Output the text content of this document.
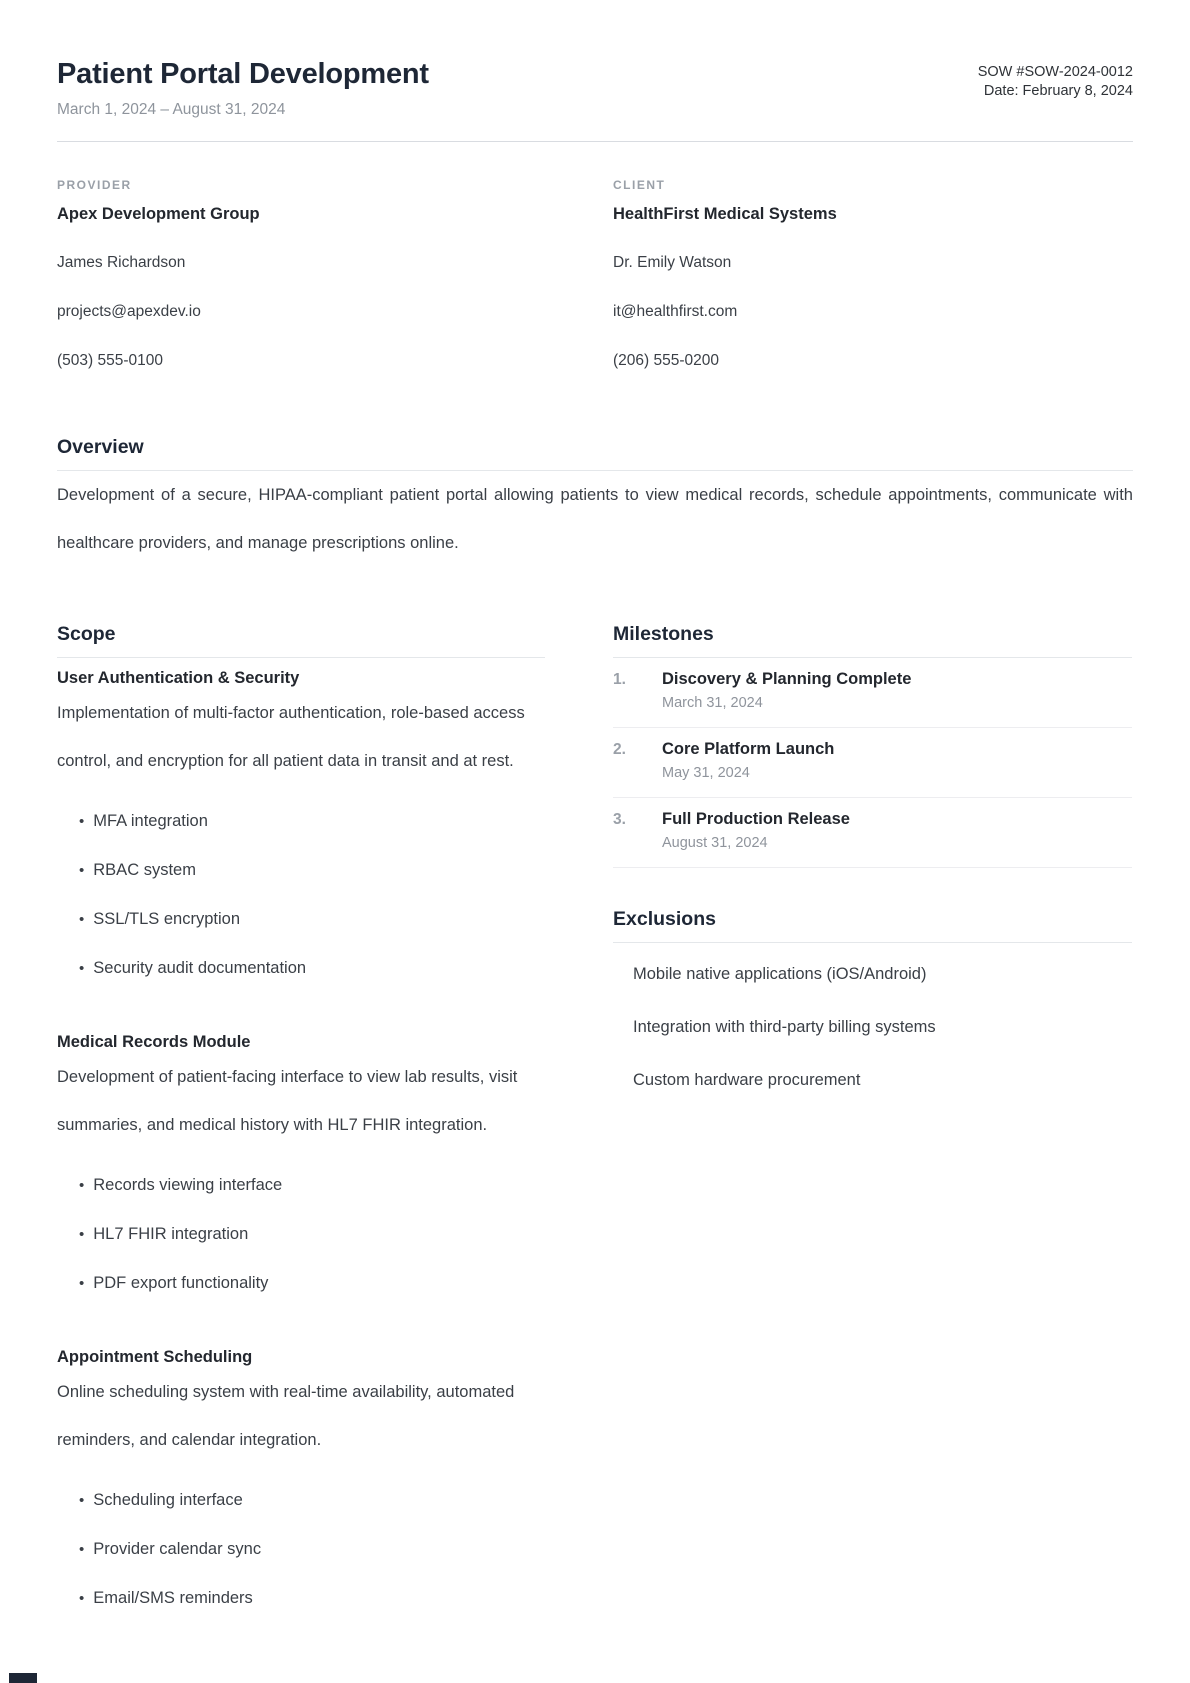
Patient Portal Development
March 1, 2024 – August 31, 2024
SOW #SOW-2024-0012
Date: February 8, 2024
PROVIDER
Apex Development Group
James Richardson
projects@apexdev.io
(503) 555-0100
CLIENT
HealthFirst Medical Systems
Dr. Emily Watson
it@healthfirst.com
(206) 555-0200
Overview

Development of a secure, HIPAA-compliant patient portal allowing patients to view medical records, schedule appointments, communicate with healthcare providers, and manage prescriptions online.

Scope
User Authentication & Security

Implementation of multi-factor authentication, role-based access control, and encryption for all patient data in transit and at rest.

• MFA integration
• RBAC system
• SSL/TLS encryption
• Security audit documentation
Medical Records Module

Development of patient-facing interface to view lab results, visit summaries, and medical history with HL7 FHIR integration.

• Records viewing interface
• HL7 FHIR integration
• PDF export functionality
Appointment Scheduling

Online scheduling system with real-time availability, automated reminders, and calendar integration.

• Scheduling interface
• Provider calendar sync
• Email/SMS reminders
Milestones
1.	Discovery & Planning Complete
March 31, 2024
2.	Core Platform Launch
May 31, 2024
3.	Full Production Release
August 31, 2024
Exclusions
Mobile native applications (iOS/Android)
Integration with third-party billing systems
Custom hardware procurement
